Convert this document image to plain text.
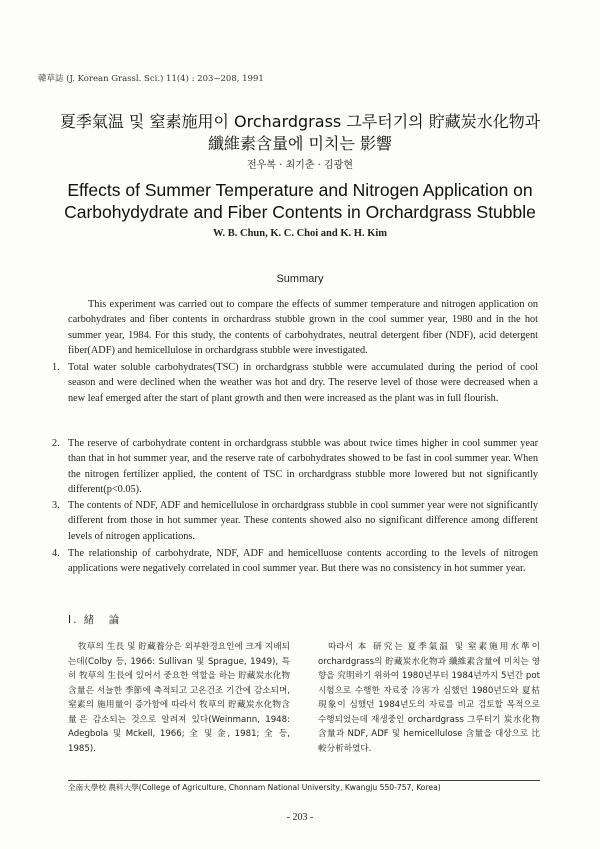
韓草誌 (J. Korean Grassl. Sci.) 11(4) : 203~208, 1991
夏季氣温 및 窒素施用이 Orchardgrass 그루터기의 貯藏炭水化物과
纖維素含量에 미치는 影響
전우복 · 최기춘 · 김광현
Effects of Summer Temperature and Nitrogen Application on
Carbohydydrate and Fiber Contents in Orchardgrass Stubble
W. B. Chun, K. C. Choi and K. H. Kim
Summary
This experiment was carried out to compare the effects of summer temperature and nitrogen application on carbohydrates and fiber contents in orchardrass stubble grown in the cool summer year, 1980 and in the hot summer year, 1984. For this study, the contents of carbohydrates, neutral detergent fiber (NDF), acid detergent fiber(ADF) and hemicellulose in orchardgrass stubble were investigated.
1. Total water soluble carbohydrates(TSC) in orchardgrass stubble were accumulated during the period of cool season and were declined when the weather was hot and dry. The reserve level of those were decreased when a new leaf emerged after the start of plant growth and then were increased as the plant was in full flourish.
2. The reserve of carbohydrate content in orchardgrass stubble was about twice times higher in cool summer year than that in hot summer year, and the reserve rate of carbohydrates showed to be fast in cool summer year. When the nitrogen fertilizer applied, the content of TSC in orchardgrass stubble more lowered but not significantly different(p<0.05).
3. The contents of NDF, ADF and hemicellulose in orchardgrass stubble in cool summer year were not significantly different from those in hot summer year. These contents showed also no significant difference among different levels of nitrogen applications.
4. The relationship of carbohydrate, NDF, ADF and hemicelluose contents according to the levels of nitrogen applications were negatively correlated in cool summer year. But there was no consistency in hot summer year.
I. 緒　論
牧草의 生長 및 貯藏養分은 외부환경요인에 크게 지배되는데(Colby 등, 1966: Sullivan 및 Sprague, 1949), 특히 牧草의 生長에 있어서 중요한 역할을 하는 貯藏炭水化物含量은 서늘한 季節에 축적되고 고온건조 기간에 감소되며, 窒素의 施用量이 증가함에 따라서 牧草의 貯藏炭水化物含量은 감소되는 것으로 알려져 있다(Weinmann, 1948: Adegbola 및 Mckell, 1966; 全 및 金, 1981; 全 등, 1985).
따라서 本 研究는 夏季氣温 및 窒素施用水準이 orchardgrass의 貯藏炭水化物과 纖維素含量에 미치는 영향을 究明하기 위하여 1980년부터 1984년까지 5년간 pot 시험으로 수행한 자료중 冷害가 심했던 1980년도와 夏枯現象이 심했던 1984년도의 자료를 비교 검토할 목적으로 수행되었는데 재생중인 orchardgrass 그루터기 炭水化物含量과 NDF, ADF 및 hemicellulose 含量을 대상으로 比較分析하였다.
全南大學校 農科大學(College of Agriculture, Chonnam National University, Kwangju 550-757, Korea)
- 203 -
